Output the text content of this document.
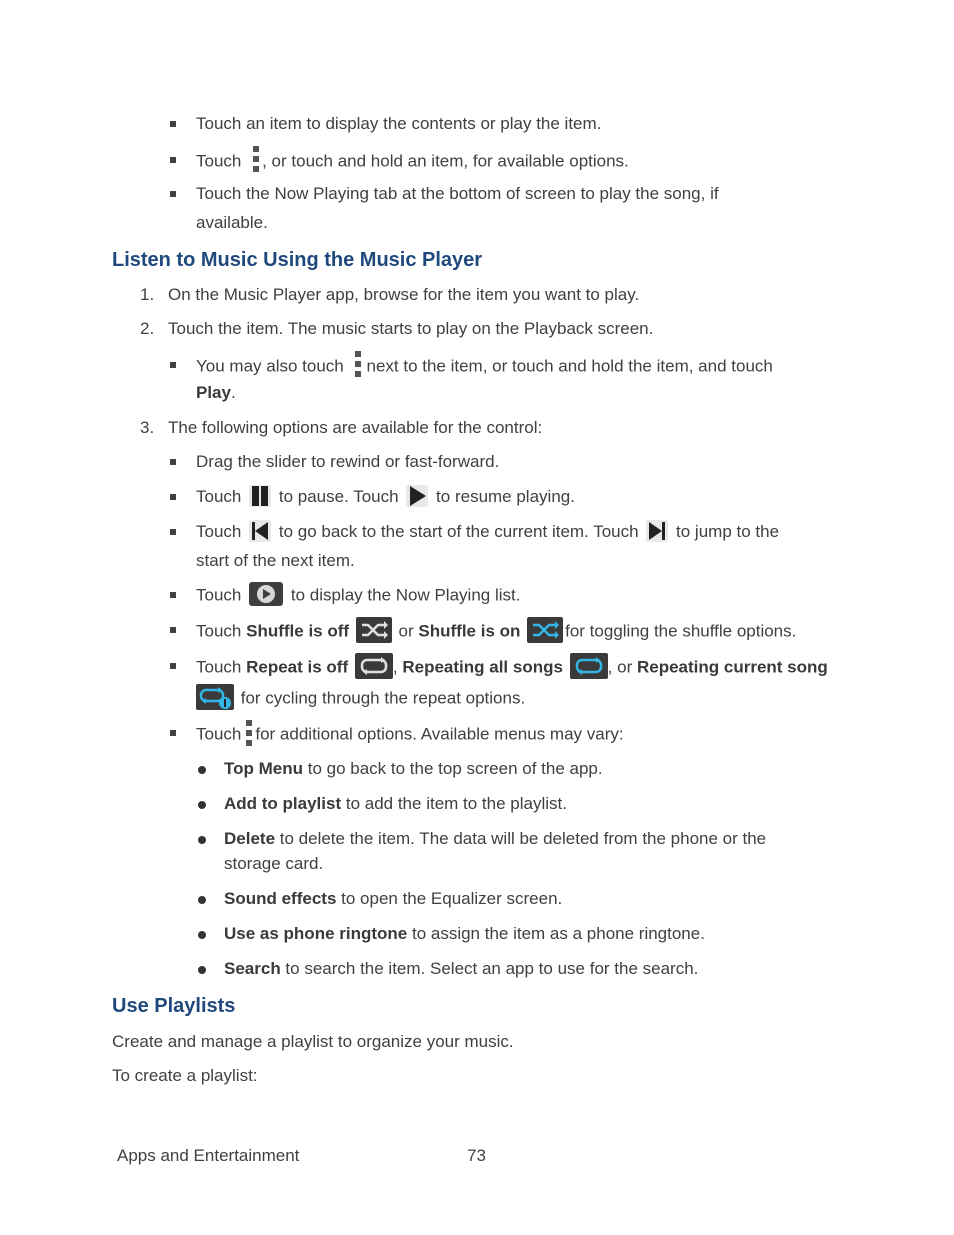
Touch an item to display the contents or play the item.
Touch , or touch and hold an item, for available options.
Touch the Now Playing tab at the bottom of screen to play the song, if
available.
Listen to Music Using the Music Player
1. On the Music Player app, browse for the item you want to play.
2. Touch the item. The music starts to play on the Playback screen.
You may also touch next to the item, or touch and hold the item, and touch
Play.
3. The following options are available for the control:
Drag the slider to rewind or fast-forward.
Touch to pause. Touch to resume playing.
Touch to go back to the start of the current item. Touch to jump to the
start of the next item.
Touch	to display the Now Playing list.
Touch Shuffle is off	or Shuffle is on	for toggling the shuffle options.
Touch Repeat is off	, Repeating all songs	, or Repeating current song
for cycling through the repeat options.
Touch for additional options. Available menus may vary:
Top Menu to go back to the top screen of the app.
Add to playlist to add the item to the playlist.
Delete to delete the item. The data will be deleted from the phone or the
storage card.
Sound effects to open the Equalizer screen.
Use as phone ringtone to assign the item as a phone ringtone.
Search to search the item. Select an app to use for the search.
Use Playlists
Create and manage a playlist to organize your music.
To create a playlist:
Apps and Entertainment	73
